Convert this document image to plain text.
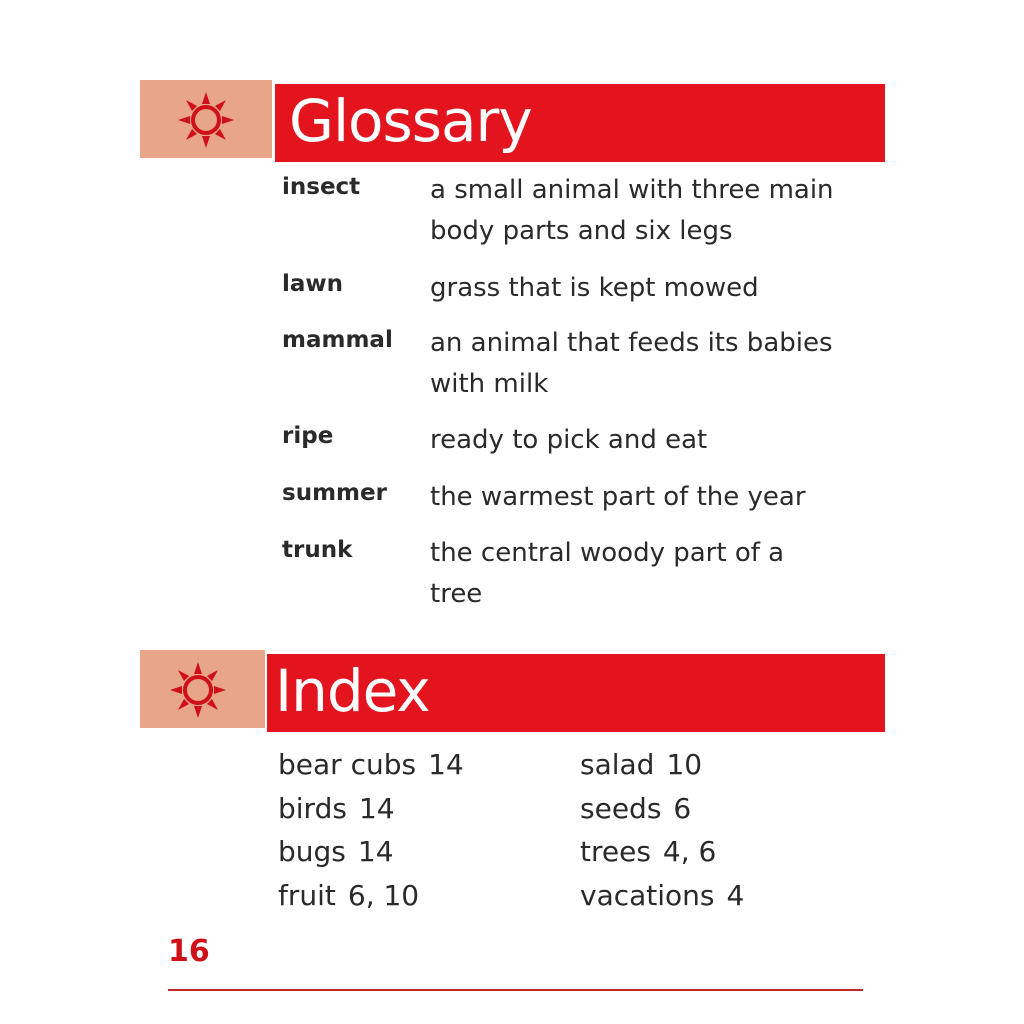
Glossary
insect	a small animal with three main body parts and six legs
lawn	grass that is kept mowed
mammal an animal that feeds its babies with milk
ripe	ready to pick and eat
summer the warmest part of the year
trunk	the central woody part of a tree
Index
bear cubs 14
birds 14
bugs 14
fruit 6, 10
salad 10
seeds 6
trees 4, 6
vacations 4
16
